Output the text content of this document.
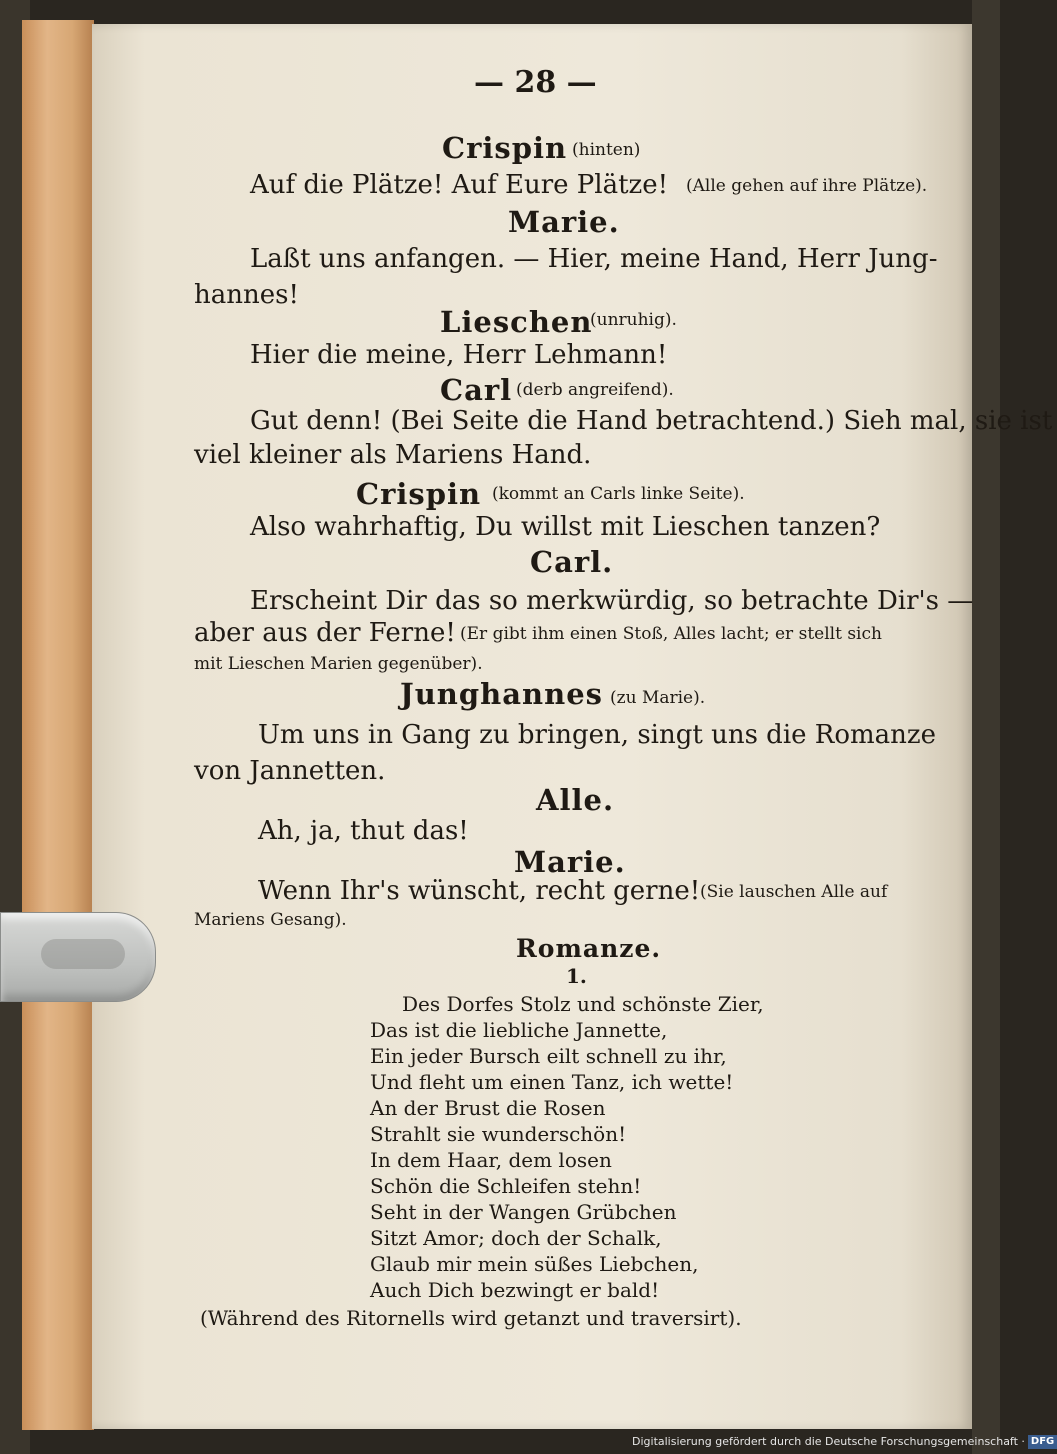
— 28 —
Crispin (hinten)
Auf die Plätze! Auf Eure Plätze! (Alle gehen auf ihre Plätze).
Marie.
Laßt uns anfangen. — Hier, meine Hand, Herr Jung-
hannes!
Lieschen
(unruhig).
Hier die meine, Herr Lehmann!
Carl (derb angreifend).
Gut denn! (Bei Seite die Hand betrachtend.) Sieh mal, sie ist
viel kleiner als Mariens Hand.
Crispin (kommt an Carls linke Seite).
Also wahrhaftig, Du willst mit Lieschen tanzen?
Carl.
Erscheint Dir das so merkwürdig, so betrachte Dir's —
aber aus der Ferne! (Er gibt ihm einen Stoß, Alles lacht; er stellt sich
mit Lieschen Marien gegenüber).
Junghannes (zu Marie).
Um uns in Gang zu bringen, singt uns die Romanze
von Jannetten.
Alle.
Ah, ja, thut das!
Marie.
Wenn Ihr's wünscht, recht gerne! (Sie lauschen Alle auf
Mariens Gesang).
Romanze.
1.
Des Dorfes Stolz und schönste Zier,
Das ist die liebliche Jannette,
Ein jeder Bursch eilt schnell zu ihr,
Und fleht um einen Tanz, ich wette!
An der Brust die Rosen
Strahlt sie wunderschön!
In dem Haar, dem losen
Schön die Schleifen stehn!
Seht in der Wangen Grübchen
Sitzt Amor; doch der Schalk,
Glaub mir mein süßes Liebchen,
Auch Dich bezwingt er bald!
(Während des Ritornells wird getanzt und traversirt).
Digitalisierung gefördert durch die Deutsche Forschungsgemeinschaft · DFG
